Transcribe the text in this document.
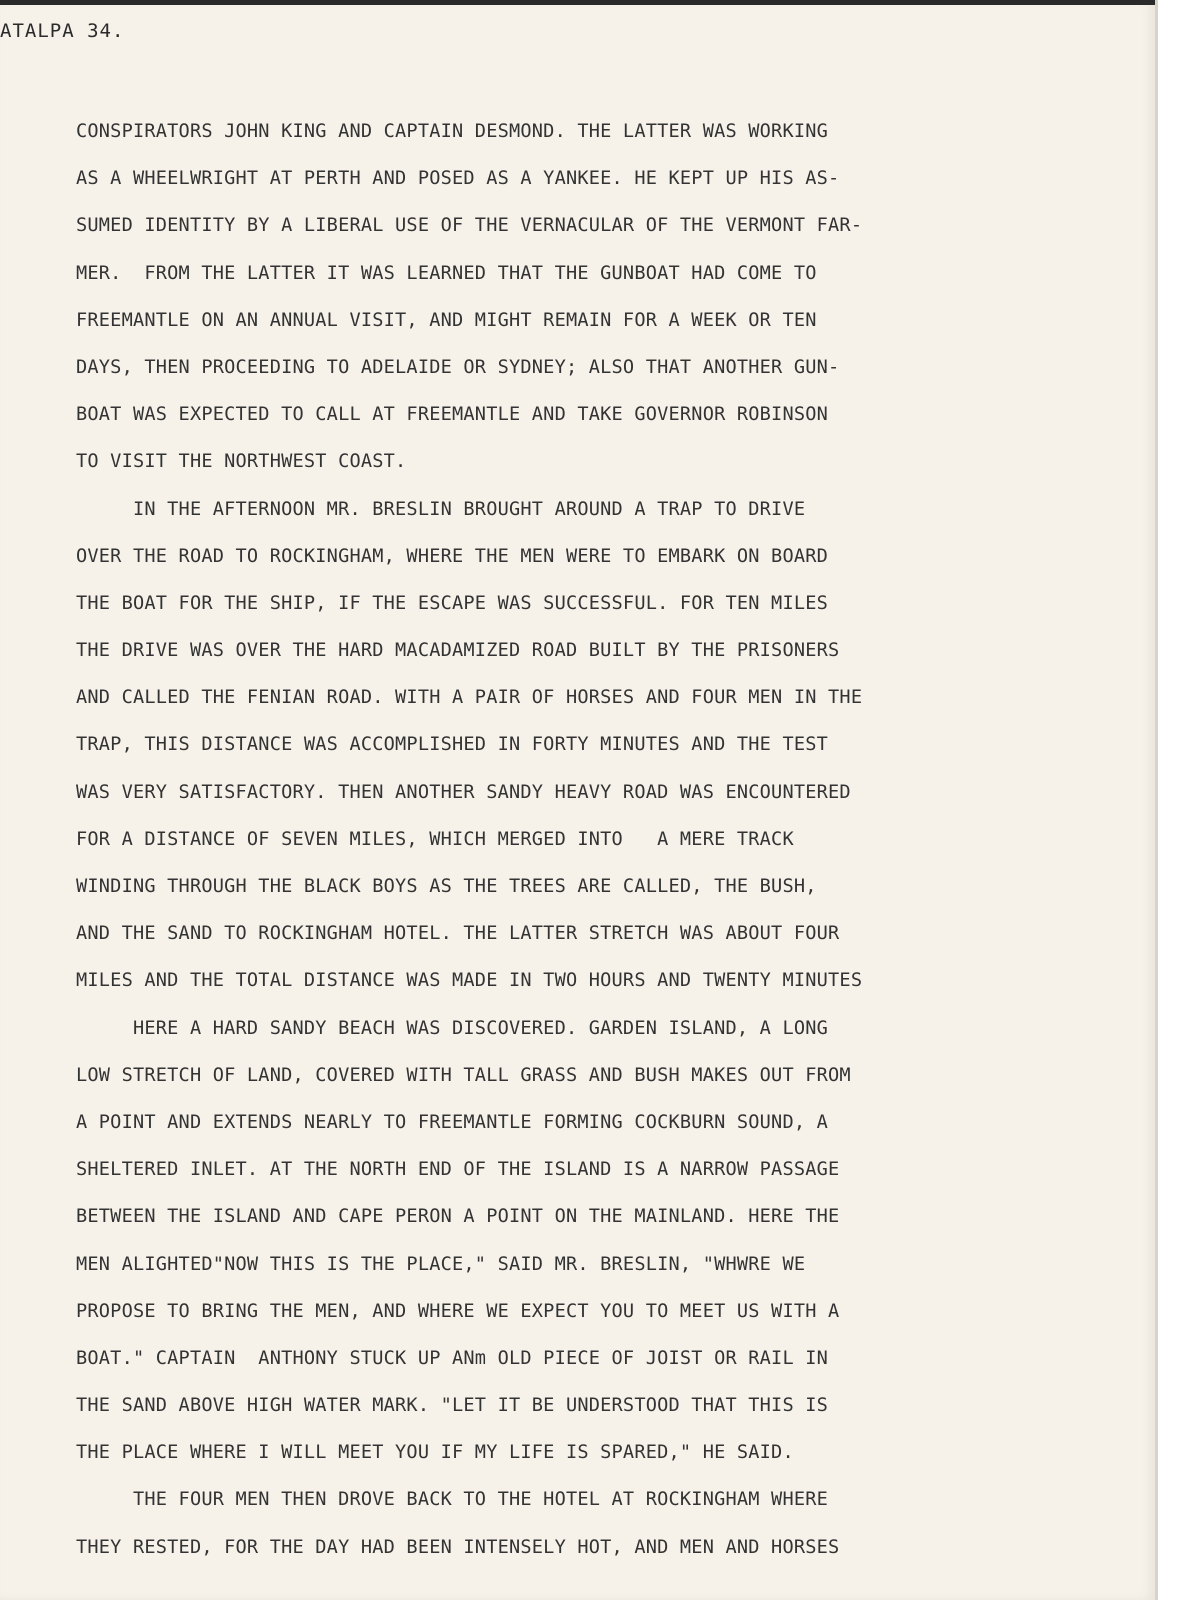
ATALPA 34.
CONSPIRATORS JOHN KING AND CAPTAIN DESMOND. THE LATTER WAS WORKING
AS A WHEELWRIGHT AT PERTH AND POSED AS A YANKEE. HE KEPT UP HIS AS-
SUMED IDENTITY BY A LIBERAL USE OF THE VERNACULAR OF THE VERMONT FAR-
MER.  FROM THE LATTER IT WAS LEARNED THAT THE GUNBOAT HAD COME TO
FREEMANTLE ON AN ANNUAL VISIT, AND MIGHT REMAIN FOR A WEEK OR TEN
DAYS, THEN PROCEEDING TO ADELAIDE OR SYDNEY; ALSO THAT ANOTHER GUN-
BOAT WAS EXPECTED TO CALL AT FREEMANTLE AND TAKE GOVERNOR ROBINSON
TO VISIT THE NORTHWEST COAST.
IN THE AFTERNOON MR. BRESLIN BROUGHT AROUND A TRAP TO DRIVE
OVER THE ROAD TO ROCKINGHAM, WHERE THE MEN WERE TO EMBARK ON BOARD
THE BOAT FOR THE SHIP, IF THE ESCAPE WAS SUCCESSFUL. FOR TEN MILES
THE DRIVE WAS OVER THE HARD MACADAMIZED ROAD BUILT BY THE PRISONERS
AND CALLED THE FENIAN ROAD. WITH A PAIR OF HORSES AND FOUR MEN IN THE
TRAP, THIS DISTANCE WAS ACCOMPLISHED IN FORTY MINUTES AND THE TEST
WAS VERY SATISFACTORY. THEN ANOTHER SANDY HEAVY ROAD WAS ENCOUNTERED
FOR A DISTANCE OF SEVEN MILES, WHICH MERGED INTO   A MERE TRACK
WINDING THROUGH THE BLACK BOYS AS THE TREES ARE CALLED, THE BUSH,
AND THE SAND TO ROCKINGHAM HOTEL. THE LATTER STRETCH WAS ABOUT FOUR
MILES AND THE TOTAL DISTANCE WAS MADE IN TWO HOURS AND TWENTY MINUTES
HERE A HARD SANDY BEACH WAS DISCOVERED. GARDEN ISLAND, A LONG
LOW STRETCH OF LAND, COVERED WITH TALL GRASS AND BUSH MAKES OUT FROM
A POINT AND EXTENDS NEARLY TO FREEMANTLE FORMING COCKBURN SOUND, A
SHELTERED INLET. AT THE NORTH END OF THE ISLAND IS A NARROW PASSAGE
BETWEEN THE ISLAND AND CAPE PERON A POINT ON THE MAINLAND. HERE THE
MEN ALIGHTED"NOW THIS IS THE PLACE," SAID MR. BRESLIN, "WHWRE WE
PROPOSE TO BRING THE MEN, AND WHERE WE EXPECT YOU TO MEET US WITH A
BOAT." CAPTAIN  ANTHONY STUCK UP ANm OLD PIECE OF JOIST OR RAIL IN
THE SAND ABOVE HIGH WATER MARK. "LET IT BE UNDERSTOOD THAT THIS IS
THE PLACE WHERE I WILL MEET YOU IF MY LIFE IS SPARED," HE SAID.
THE FOUR MEN THEN DROVE BACK TO THE HOTEL AT ROCKINGHAM WHERE
THEY RESTED, FOR THE DAY HAD BEEN INTENSELY HOT, AND MEN AND HORSES
